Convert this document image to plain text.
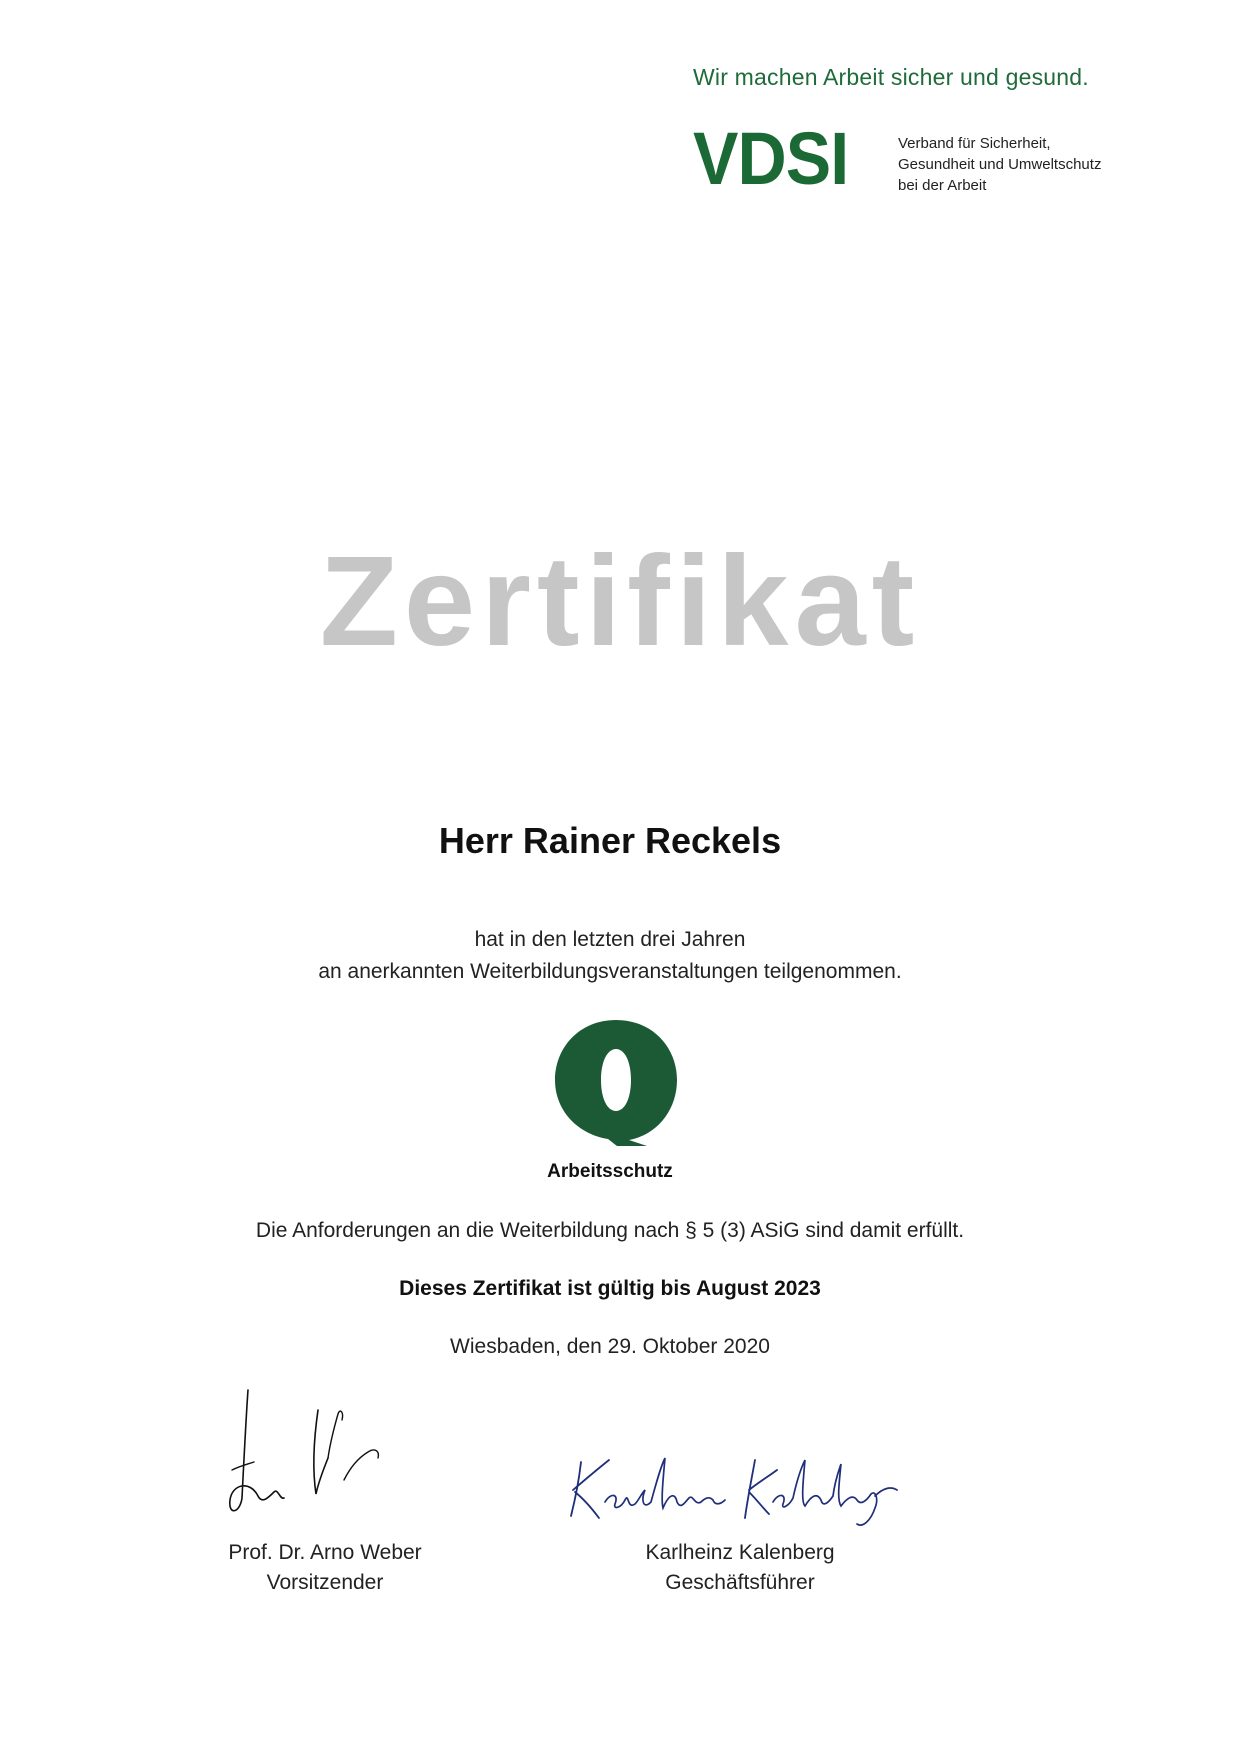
Wir machen Arbeit sicher und gesund.
VDSI	Verband für Sicherheit,
Gesundheit und Umweltschutz
bei der Arbeit
Zertifikat
Herr Rainer Reckels
hat in den letzten drei Jahren
an anerkannten Weiterbildungsveranstaltungen teilgenommen.
Arbeitsschutz
Die Anforderungen an die Weiterbildung nach § 5 (3) ASiG sind damit erfüllt.
Dieses Zertifikat ist gültig bis August 2023
Wiesbaden, den 29. Oktober 2020
Prof. Dr. Arno Weber
Vorsitzender
Karlheinz Kalenberg
Geschäftsführer
